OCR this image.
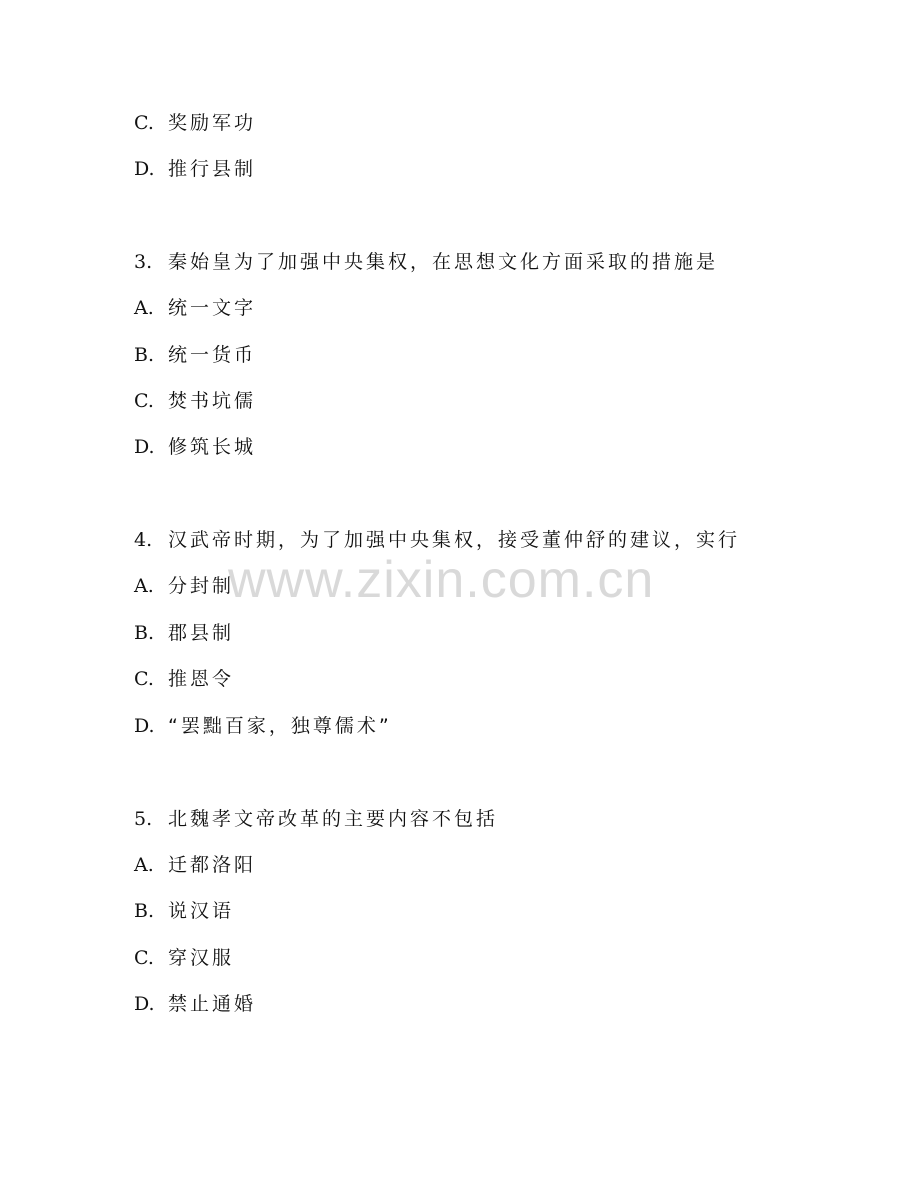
www.zixin.com.cn
C. 奖励军功
D. 推行县制
3. 秦始皇为了加强中央集权，在思想文化方面采取的措施是
A. 统一文字
B. 统一货币
C. 焚书坑儒
D. 修筑长城
4. 汉武帝时期，为了加强中央集权，接受董仲舒的建议，实行
A. 分封制
B. 郡县制
C. 推恩令
D. “罢黜百家，独尊儒术”
5. 北魏孝文帝改革的主要内容不包括
A. 迁都洛阳
B. 说汉语
C. 穿汉服
D. 禁止通婚
